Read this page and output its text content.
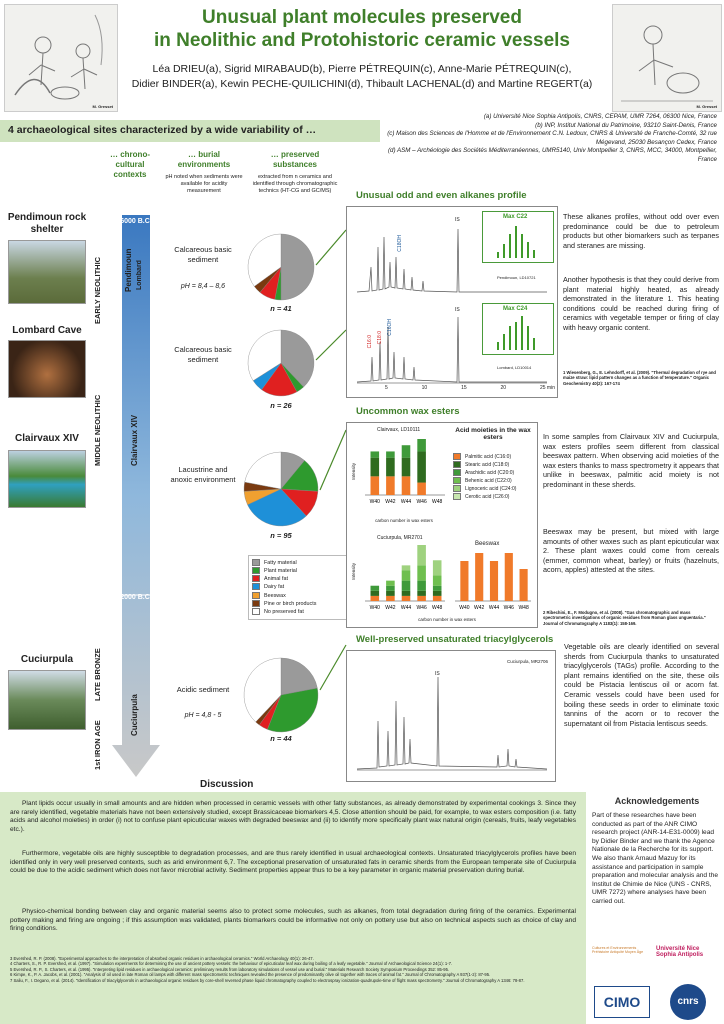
M. Gresset	M. Gresset
Unusual plant molecules preserved
in Neolithic and Protohistoric ceramic vessels
Léa DRIEU(a), Sigrid MIRABAUD(b), Pierre PÉTREQUIN(c), Anne-Marie PÉTREQUIN(c),
Didier BINDER(a), Kewin PECHE-QUILICHINI(d), Thibault LACHENAL(d) and Martine REGERT(a)
4 archaeological sites characterized by a wide variability of …
(a) Université Nice Sophia Antipolis, CNRS, CEPAM, UMR 7264, 06300 Nice, France
(b) INP, Institut National du Patrimoine, 93210 Saint-Denis, France
(c) Maison des Sciences de l'Homme et de l'Environnement C.N. Ledoux, CNRS & Université de Franche-Comté, 32 rue Mégevand, 25030 Besançon Cedex, France
(d) ASM – Archéologie des Sociétés Méditerranéennes, UMR5140, Univ Montpellier 3, CNRS, MCC, 34000, Montpellier, France
… chrono-cultural contexts
… burial environments
pH noted when sediments were available for acidity measurement
… preserved substances
extracted from n ceramics and identified through chromatographic technics (HT-CG and GC/MS)
6000 B.C.
2000 B.C.
EARLY NEOLITHIC
MIDDLE NEOLITHIC
LATE BRONZE
1st IRON AGE
Pendimoun Lombard
Clairvaux XIV
Cuciurpula
Pendimoun rock shelter
Lombard Cave
Clairvaux XIV
Cuciurpula
Calcareous basic sediment
pH = 8,4 – 8,6
Calcareous basic sediment
Lacustrine and anoxic environment
Acidic sediment
pH = 4,8 - 5
n = 41
n = 26
n = 95
n = 44
Fatty material
Plant material
Animal fat
Dairy fat
Beeswax
Pine or birch products
No preserved fat
Unusual odd and even alkanes profile
IS
IS
C18OH
C16:0 C18:0
C16OH
Max C22
Pendimoun, LD10721
Max C24
Lombard, LD10014
5	10	15	20	25 min
These alkanes profiles, without odd over even predominance could be due to petroleum products but other biomarkers such as terpanes and steranes are missing.
Another hypothesis is that they could derive from plant material highly heated, as already demonstrated in the literature 1. This heating conditions could be reached during firing of ceramics with vegetable temper or firing of clay with heavy organic content.
1 Wiesenberg, G., E. Lehndorff, et al. (2009). "Thermal degradation of rye and maize straw: lipid pattern changes as a function of temperature." Organic Geochemistry 40(2): 167-174
Uncommon wax esters
Clairvaux, LD10111
W40 W42 W44 W46 W48
carbon number in wax esters
Intensity
Acid moieties in the wax esters
Palmitic acid (C16:0)
Stearic acid (C18:0)
Arachidic acid (C20:0)
Behenic acid (C22:0)
Lignoceric acid (C24:0)
Cerotic acid (C26:0)
Cuciurpula, MR2701
W40 W42 W44 W46 W48
Intensity
Beeswax
W40 W42 W44 W46 W48
carbon number in wax esters
In some samples from Clairvaux XIV and Cuciurpula, wax esters profiles seem different from classical beeswax pattern. When observing acid moieties of the wax esters thanks to mass spectrometry it appears that unlike in beeswax, palmitic acid moiety is not predominant in these sherds.
Beeswax may be present, but mixed with large amounts of other waxes such as plant epicuticular wax 2. These plant waxes could come from cereals (emmer, common wheat, barley) or fruits (hazelnuts, acorn, apples) attested at the sites.
2 Ribechini, E., F. Modugno, et al. (2008). "Gas chromatographic and mass spectrometric investigations of organic residues from Roman glass unguentaria." Journal of Chromatography A 1183(1): 158-169.
Well-preserved unsaturated triacylglycerols
Cuciurpula, MR2706
IS
Vegetable oils are clearly identified on several sherds from Cuciurpula thanks to unsaturated triacylglycerols (TAGs) profile. According to the plant remains identified on the site, these oils could be Pistacia lentiscus oil or acorn fat. Ceramic vessels could have been used for boiling these seeds in order to eliminate toxic tannins of the acorn or to recover the supernatant oil from Pistacia lentiscus seeds.
Discussion
Plant lipids occur usually in small amounts and are hidden when processed in ceramic vessels with other fatty substances, as already demonstrated by experimental cookings 3. Since they are rarely identified, vegetable materials have not been extensively studied, except Brassicaceae biomarkers 4,5. Close attention should be paid, for example, to wax esters composition (i.e. fatty acids and alcohol moieties) in order (i) not to confuse plant epicuticular waxes with degraded beeswax and (ii) to identify more specifically plant wax natural origin (cereals, fruits, leafy vegetables etc.).
Furthermore, vegetable oils are highly susceptible to degradation processes, and are thus rarely identified in usual archaeological contexts. Unsaturated triacylglycerols profiles have been identified only in very well preserved contexts, such as arid environment 6,7. The exceptional preservation of unsaturated fats in ceramic sherds from the European temperate site of Cuciurpula could be due to the acidic sediment which does not favor microbial activity. Sediment properties appear thus to be a key parameter in organic material preservation during burial.
Physico-chemical bonding between clay and organic material seems also to protect some molecules, such as alkanes, from total degradation during firing of the ceramics. Experimental pottery making and firing are ongoing ; if this assumption was validated, plants biomarkers could be informative not only on pottery use but also on technical aspects such as choice of clay and firing conditions.
3 Evershed, R. P. (2008). "Experimental approaches to the interpretation of absorbed organic residues in archaeological ceramics." World Archaeology 40(1): 26-47.
4 Charters, S., R. P. Evershed, et al. (1997). "Simulation experiments for determining the use of ancient pottery vessels: the behaviour of epicuticular leaf wax during boiling of a leafy vegetable." Journal of Archaeological Science 24(1): 1-7.
5 Evershed, R. P., S. Charters, et al. (1995). "Interpreting lipid residues in archaeological ceramics: preliminary results from laboratory simulations of vessel use and burial." Materials Research Society Symposium Proceedings 352: 85-95.
6 Kimpe, K., P. A. Jacobs, et al. (2001). "Analysis of oil used in late Roman oil lamps with different mass spectrometric techniques revealed the presence of predominantly olive oil together with traces of animal fat." Journal of Chromatography A 937(1-2): 87-95.
7 Saliu, F., I. Degano, et al. (2014). "Identification of triacylglycerols in archaeological organic residues by core-shell reversed phase liquid chromatography coupled to electrospray ionization-quadrupole-time of flight mass spectrometry." Journal of Chromatography A 1346: 78-87.
Acknowledgements
Part of these researches have been conducted as part of the ANR CIMO research project (ANR-14-E31-0009) lead by Didier Binder and we thank the Agence Nationale de la Recherche for its support. We also thank Arnaud Mazuy for its assistance and participation in sample preparation and molecular analysis and the Institut de Chimie de Nice (UNS - CNRS, UMR 7272) where analyses have been carried out.
Cultures et Environnements Préhistoire Antiquité Moyen Âge
Université Nice Sophia Antipolis
CIMO	cnrs
